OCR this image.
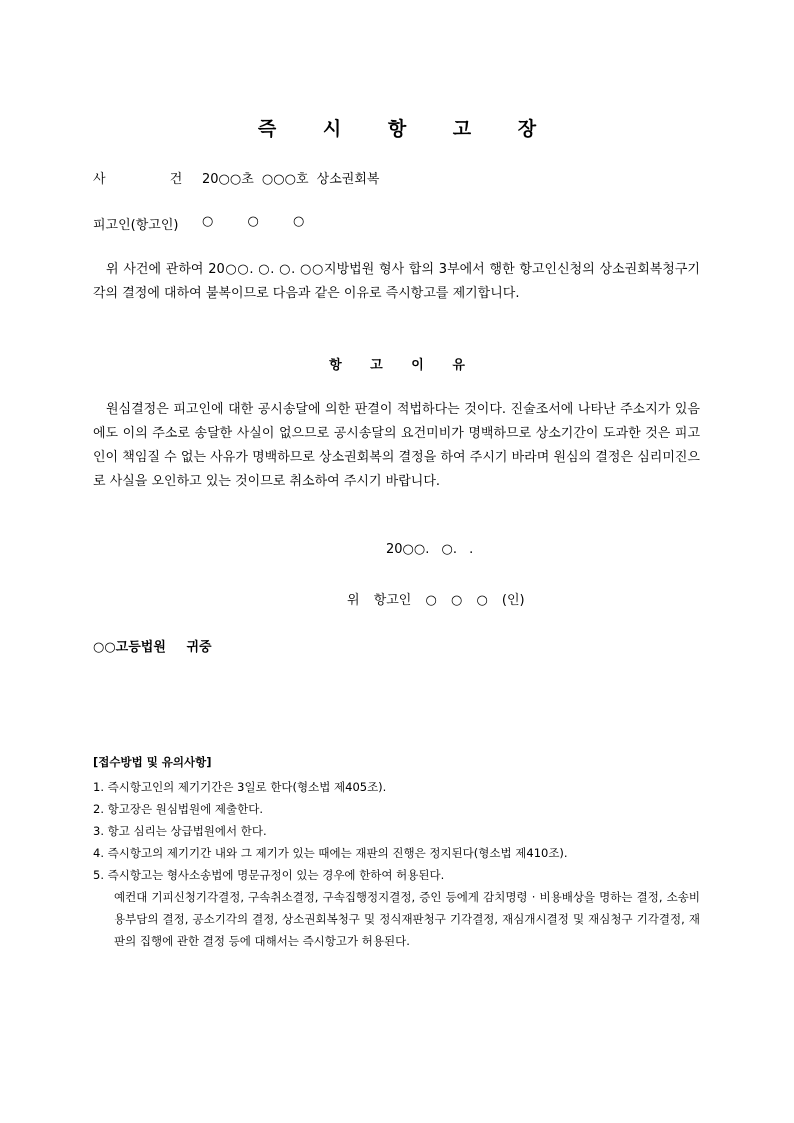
즉 시 항 고 장
사 건
20○○초 ○○○호 상소권회복
피고인(항고인) ○ ○ ○

위 사건에 관하여 20○○. ○. ○. ○○지방법원 형사 합의 3부에서 행한 항고인신청의 상소권회복청구기각의 결정에 대하여 불복이므로 다음과 같은 이유로 즉시항고를 제기합니다.

항 고 이 유

원심결정은 피고인에 대한 공시송달에 의한 판결이 적법하다는 것이다. 진술조서에 나타난 주소지가 있음에도 이의 주소로 송달한 사실이 없으므로 공시송달의 요건미비가 명백하므로 상소기간이 도과한 것은 피고인이 책임질 수 없는 사유가 명백하므로 상소권회복의 결정을 하여 주시기 바라며 원심의 결정은 심리미진으로 사실을 오인하고 있는 것이므로 취소하여 주시기 바랍니다.

20○○. ○. .
위 항고인 ○ ○ ○ (인)
○○고등법원 귀중
[접수방법 및 유의사항]
1. 즉시항고인의 제기기간은 3일로 한다(형소법 제405조).
2. 항고장은 원심법원에 제출한다.
3. 항고 심리는 상급법원에서 한다.
4. 즉시항고의 제기기간 내와 그 제기가 있는 때에는 재판의 진행은 정지된다(형소법 제410조).
5. 즉시항고는 형사소송법에 명문규정이 있는 경우에 한하여 허용된다.
예컨대 기피신청기각결정, 구속취소결정, 구속집행정지결정, 증인 등에게 감치명령 · 비용배상을 명하는 결정, 소송비용부담의 결정, 공소기각의 결정, 상소권회복청구 및 정식재판청구 기각결정, 재심개시결정 및 재심청구 기각결정, 재판의 집행에 관한 결정 등에 대해서는 즉시항고가 허용된다.
